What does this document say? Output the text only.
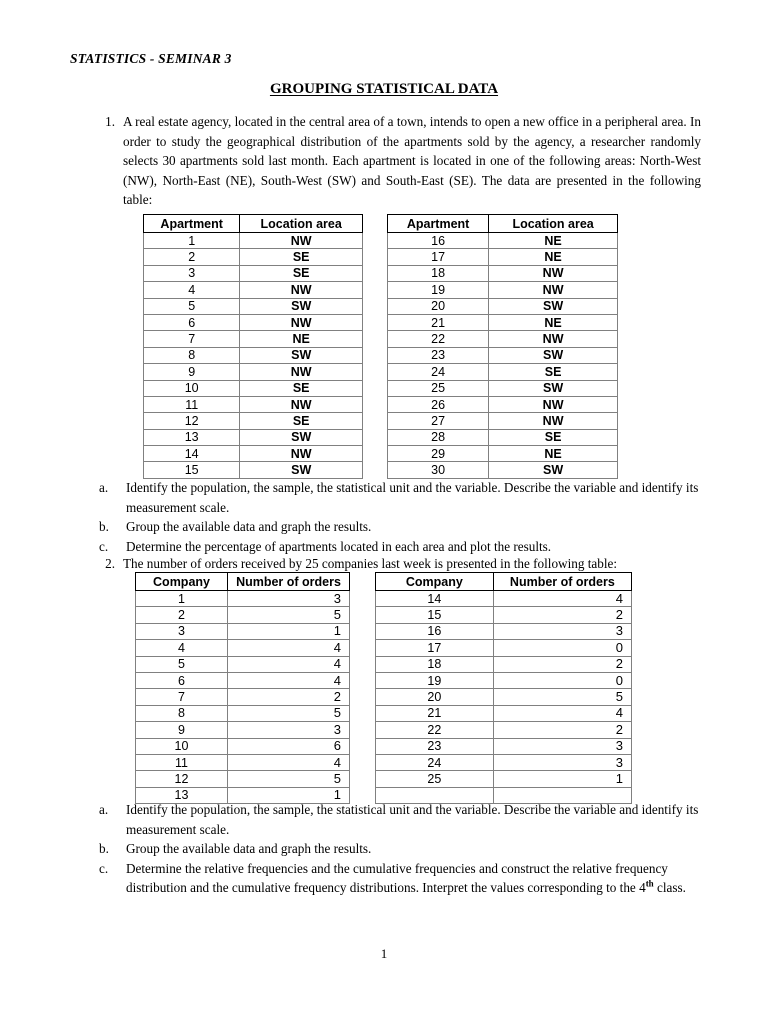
STATISTICS - SEMINAR 3
GROUPING STATISTICAL DATA
1. A real estate agency, located in the central area of a town, intends to open a new office in a peripheral area. In order to study the geographical distribution of the apartments sold by the agency, a researcher randomly selects 30 apartments sold last month. Each apartment is located in one of the following areas: North-West (NW), North-East (NE), South-West (SW) and South-East (SE). The data are presented in the following table:
Apartment	Location area
1	NW
2	SE
3	SE
4	NW
5	SW
6	NW
7	NE
8	SW
9	NW
10	SE
11	NW
12	SE
13	SW
14	NW
15	SW
Apartment	Location area
16	NE
17	NE
18	NW
19	NW
20	SW
21	NE
22	NW
23	SW
24	SE
25	SW
26	NW
27	NW
28	SE
29	NE
30	SW
a.	Identify the population, the sample, the statistical unit and the variable. Describe the variable and identify its measurement scale.
b.	Group the available data and graph the results.
c.	Determine the percentage of apartments located in each area and plot the results.
2. The number of orders received by 25 companies last week is presented in the following table:
Company	Number of orders
1	3
2	5
3	1
4	4
5	4
6	4
7	2
8	5
9	3
10	6
11	4
12	5
13	1
Company	Number of orders
14	4
15	2
16	3
17	0
18	2
19	0
20	5
21	4
22	2
23	3
24	3
25	1

a.	Identify the population, the sample, the statistical unit and the variable. Describe the variable and identify its measurement scale.
b.	Group the available data and graph the results.
c.	Determine the relative frequencies and the cumulative frequencies and construct the relative frequency distribution and the cumulative frequency distributions. Interpret the values corresponding to the 4th class.
1
